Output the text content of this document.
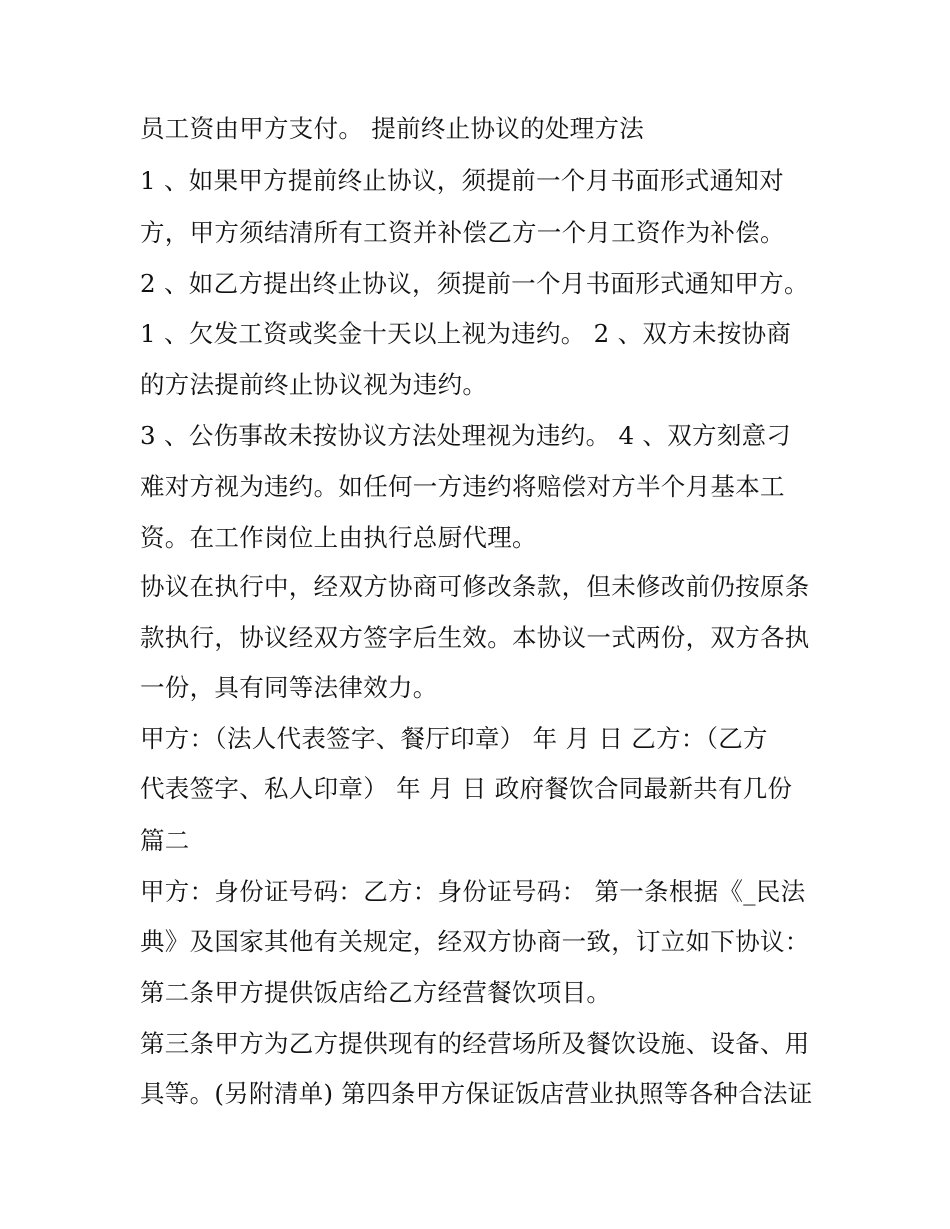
员工资由甲方支付。 提前终止协议的处理方法

1 、如果甲方提前终止协议，须提前一个月书面形式通知对

方，甲方须结清所有工资并补偿乙方一个月工资作为补偿。

2 、如乙方提出终止协议，须提前一个月书面形式通知甲方。

1 、欠发工资或奖金十天以上视为违约。 2 、双方未按协商

的方法提前终止协议视为违约。

3 、公伤事故未按协议方法处理视为违约。 4 、双方刻意刁

难对方视为违约。如任何一方违约将赔偿对方半个月基本工

资。在工作岗位上由执行总厨代理。

协议在执行中，经双方协商可修改条款，但未修改前仍按原条

款执行，协议经双方签字后生效。本协议一式两份，双方各执

一份，具有同等法律效力。

甲方：（法人代表签字、餐厅印章） 年 月 日 乙方：（乙方

代表签字、私人印章） 年 月 日 政府餐饮合同最新共有几份

篇二

甲方：身份证号码：乙方：身份证号码： 第一条根据《_民法

典》及国家其他有关规定，经双方协商一致，订立如下协议：

第二条甲方提供饭店给乙方经营餐饮项目。

第三条甲方为乙方提供现有的经营场所及餐饮设施、设备、用

具等。(另附清单) 第四条甲方保证饭店营业执照等各种合法证
